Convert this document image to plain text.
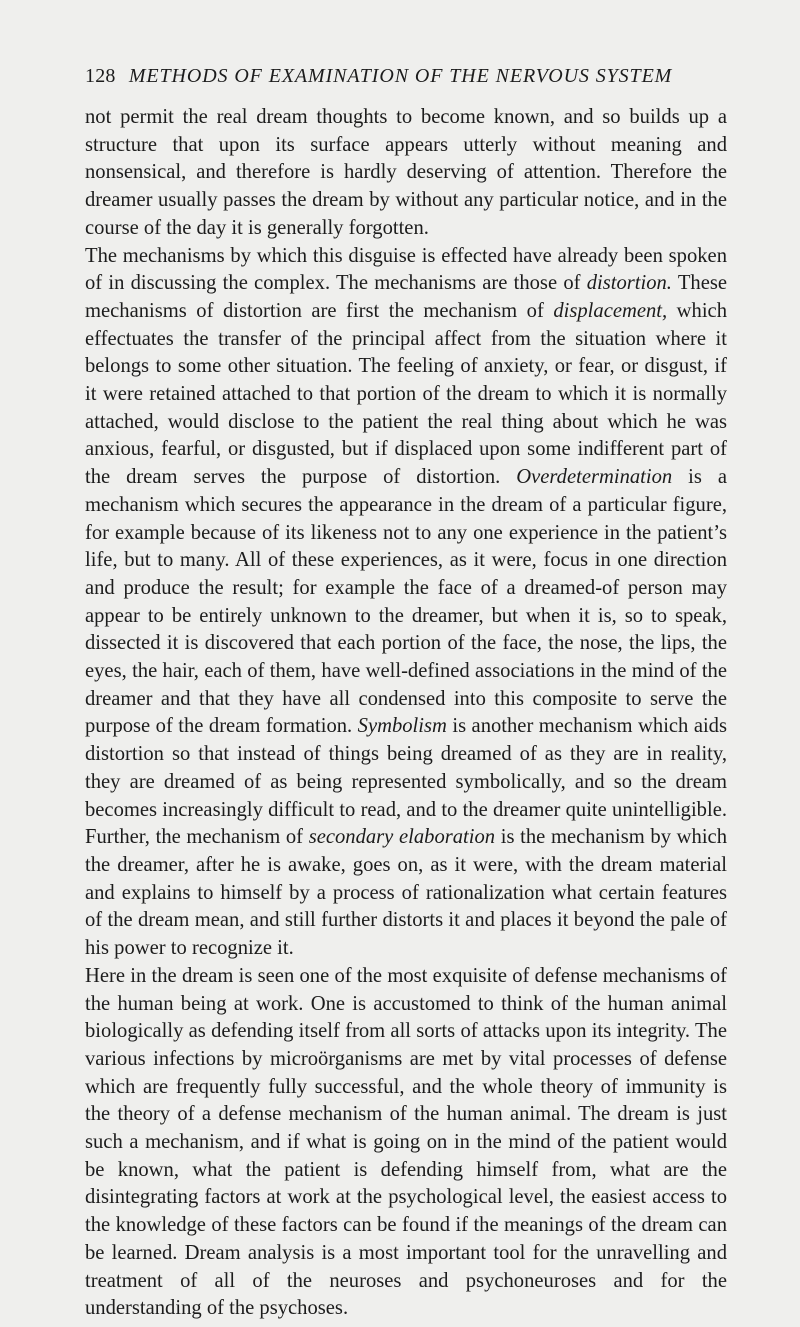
128 METHODS OF EXAMINATION OF THE NERVOUS SYSTEM

not permit the real dream thoughts to become known, and so builds up a structure that upon its surface appears utterly without meaning and nonsensical, and therefore is hardly deserving of attention. Therefore the dreamer usually passes the dream by without any particular notice, and in the course of the day it is generally forgotten.

The mechanisms by which this disguise is effected have already been spoken of in discussing the complex. The mechanisms are those of distortion. These mechanisms of distortion are first the mechanism of displacement, which effectuates the transfer of the principal affect from the situation where it belongs to some other situation. The feeling of anxiety, or fear, or disgust, if it were retained attached to that portion of the dream to which it is normally attached, would disclose to the patient the real thing about which he was anxious, fearful, or disgusted, but if displaced upon some indifferent part of the dream serves the purpose of distortion. Overdetermination is a mechanism which secures the appearance in the dream of a particular figure, for example because of its likeness not to any one experience in the patient’s life, but to many. All of these experiences, as it were, focus in one direction and produce the result; for example the face of a dreamed-of person may appear to be entirely unknown to the dreamer, but when it is, so to speak, dissected it is discovered that each portion of the face, the nose, the lips, the eyes, the hair, each of them, have well-defined associations in the mind of the dreamer and that they have all condensed into this composite to serve the purpose of the dream formation. Symbolism is another mechanism which aids distortion so that instead of things being dreamed of as they are in reality, they are dreamed of as being represented symbolically, and so the dream becomes increasingly difficult to read, and to the dreamer quite unintelligible. Further, the mechanism of secondary elaboration is the mechanism by which the dreamer, after he is awake, goes on, as it were, with the dream material and explains to himself by a process of rationalization what certain features of the dream mean, and still further distorts it and places it beyond the pale of his power to recognize it.

Here in the dream is seen one of the most exquisite of defense mechanisms of the human being at work. One is accustomed to think of the human animal biologically as defending itself from all sorts of attacks upon its integrity. The various infections by microörganisms are met by vital processes of defense which are frequently fully successful, and the whole theory of immunity is the theory of a defense mechanism of the human animal. The dream is just such a mechanism, and if what is going on in the mind of the patient would be known, what the patient is defending himself from, what are the disintegrating factors at work at the psychological level, the easiest access to the knowledge of these factors can be found if the meanings of the dream can be learned. Dream analysis is a most important tool for the unravelling and treatment of all of the neuroses and psychoneuroses and for the understanding of the psychoses.
